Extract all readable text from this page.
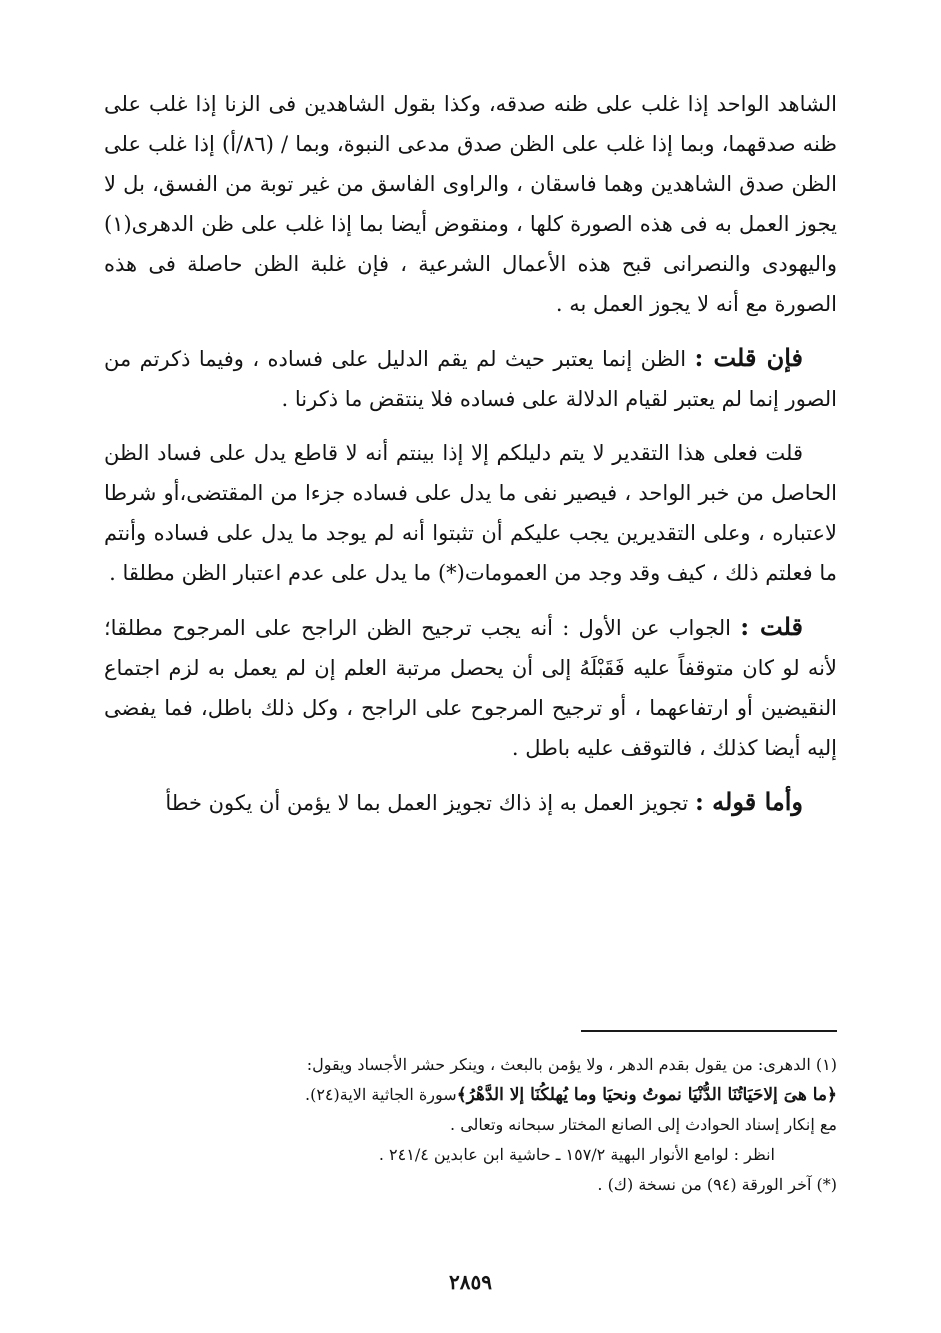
الشاهد الواحد إذا غلب على ظنه صدقه، وكذا بقول الشاهدين فى الزنا إذا غلب على ظنه صدقهما، وبما إذا غلب على الظن صدق مدعى النبوة، وبما / (٨٦/أ) إذا غلب على الظن صدق الشاهدين وهما فاسقان ، والراوى الفاسق من غير توبة من الفسق، بل لا يجوز العمل به فى هذه الصورة كلها ، ومنقوض أيضا بما إذا غلب على ظن الدهرى(١) واليهودى والنصرانى قبح هذه الأعمال الشرعية ، فإن غلبة الظن حاصلة فى هذه الصورة مع أنه لا يجوز العمل به .

فإن قلت : الظن إنما يعتبر حيث لم يقم الدليل على فساده ، وفيما ذكرتم من الصور إنما لم يعتبر لقيام الدلالة على فساده فلا ينتقض ما ذكرنا .

قلت فعلى هذا التقدير لا يتم دليلكم إلا إذا بينتم أنه لا قاطع يدل على فساد الظن الحاصل من خبر الواحد ، فيصير نفى ما يدل على فساده جزءا من المقتضى،أو شرطا لاعتباره ، وعلى التقديرين يجب عليكم أن تثبتوا أنه لم يوجد ما يدل على فساده وأنتم ما فعلتم ذلك ، كيف وقد وجد من العمومات(*) ما يدل على عدم اعتبار الظن مطلقا .

قلت : الجواب عن الأول : أنه يجب ترجيح الظن الراجح على المرجوح مطلقا؛ لأنه لو كان متوقفاً عليه فَقَبْلَهُ إلى أن يحصل مرتبة العلم إن لم يعمل به لزم اجتماع النقيضين أو ارتفاعهما ، أو ترجيح المرجوح على الراجح ، وكل ذلك باطل، فما يفضى إليه أيضا كذلك ، فالتوقف عليه باطل .

وأما قوله : تجويز العمل به إذ ذاك تجويز العمل بما لا يؤمن أن يكون خطأ

(١) الدهرى: من يقول بقدم الدهر ، ولا يؤمن بالبعث ، وينكر حشر الأجساد ويقول:

﴿ما هىَ إلاحَيَاتُنَا الدُّنْيَا نموتُ ونحيَا وما يُهلكُنَا إلا الدَّهْرُ﴾سورة الجاثية الاية(٢٤).

مع إنكار إسناد الحوادث إلى الصانع المختار سبحانه وتعالى .

انظر : لوامع الأنوار البهية ١٥٧/٢ ـ حاشية ابن عابدين ٢٤١/٤ .

(*) آخر الورقة (٩٤) من نسخة (ك) .

٢٨٥٩
